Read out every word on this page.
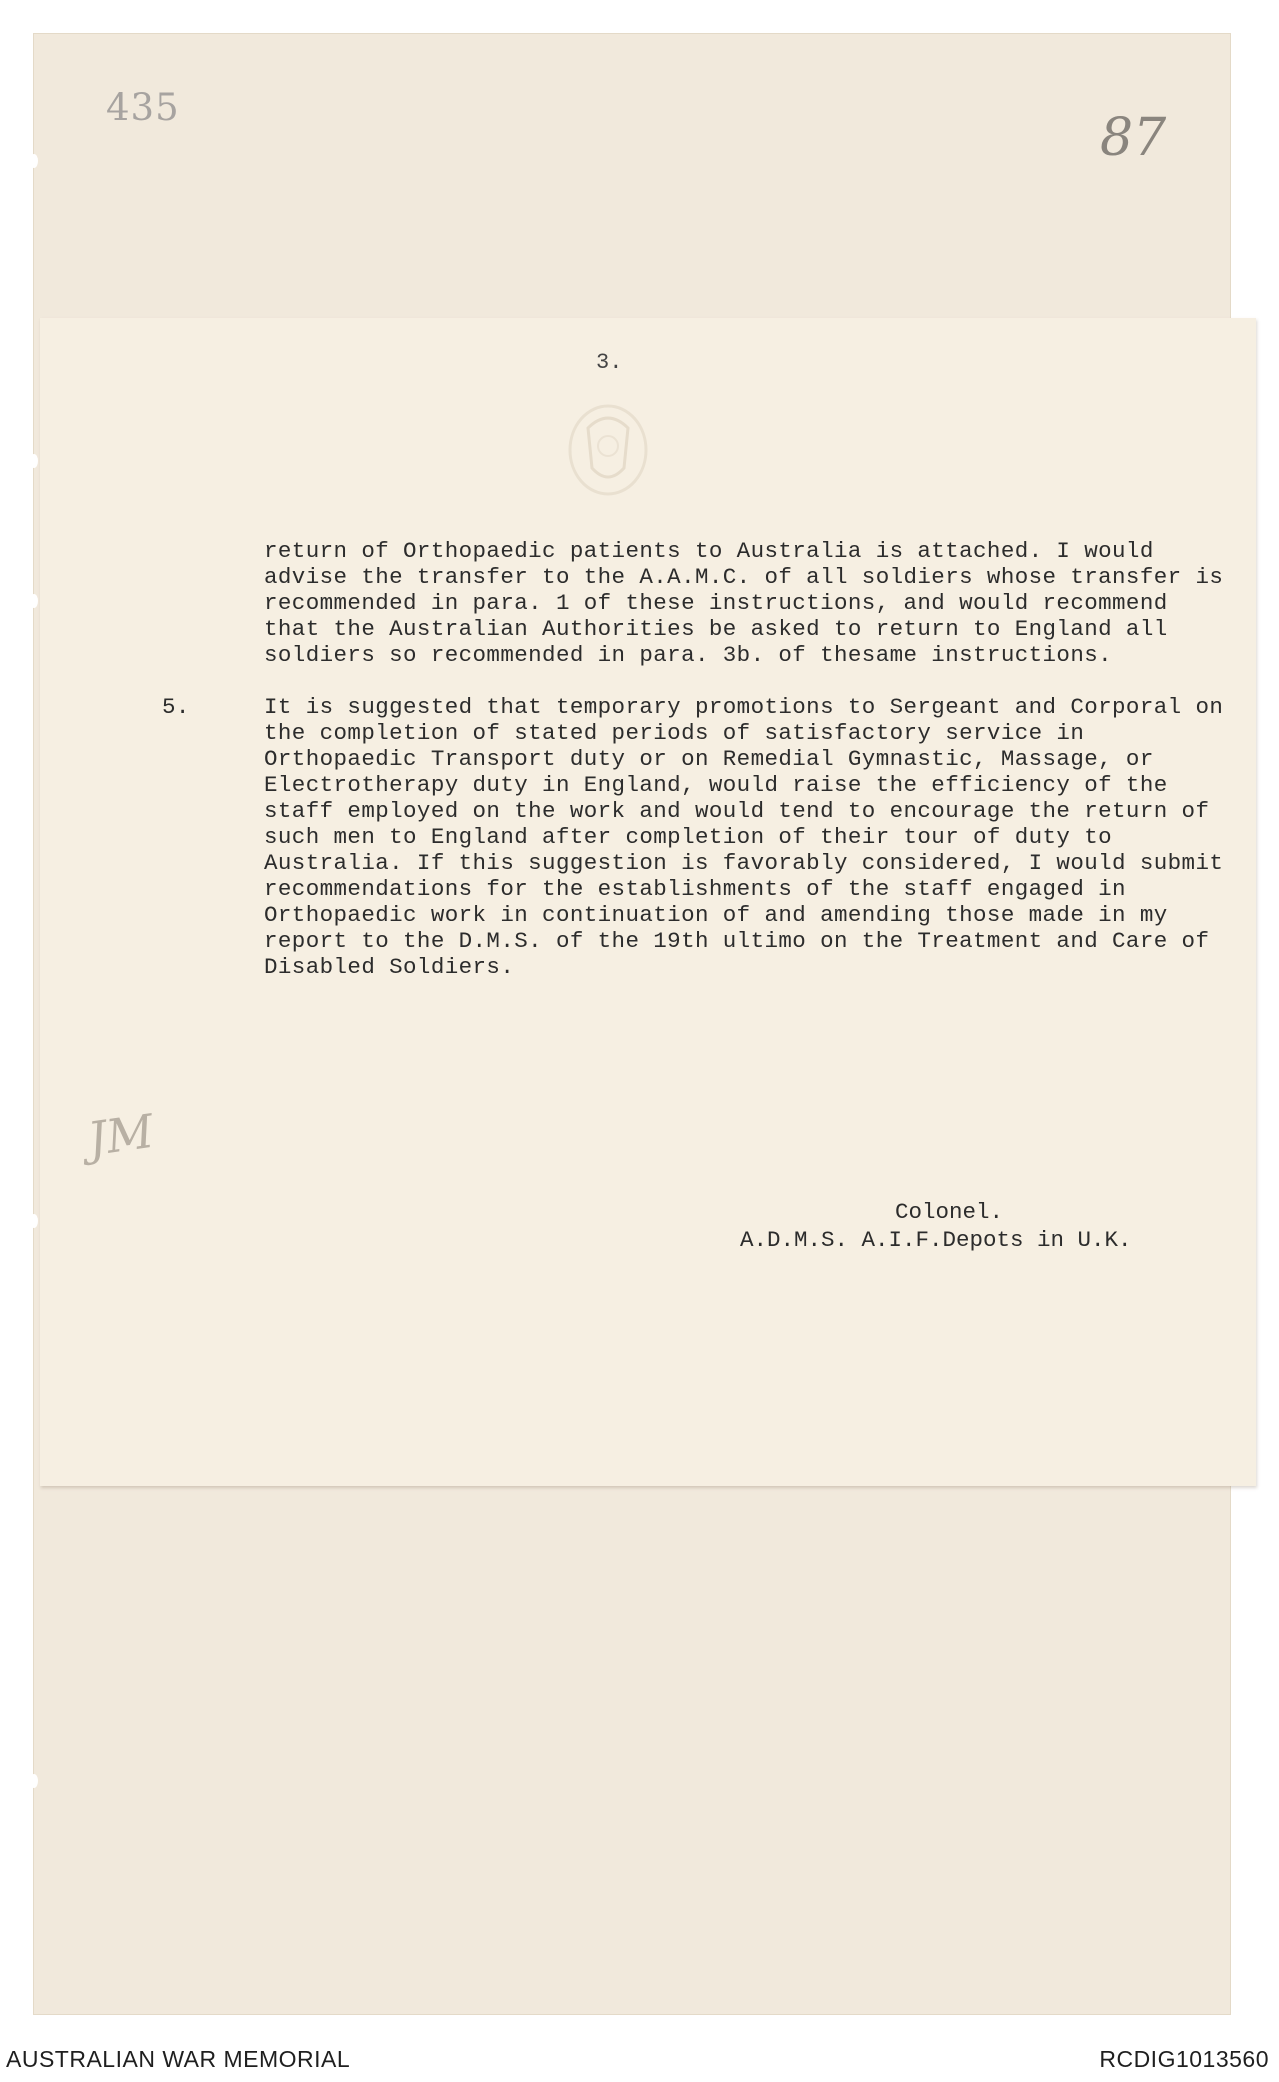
435
87
3.

return of Orthopaedic patients to Australia is attached. I would advise the transfer to the A.A.M.C. of all soldiers whose transfer is recommended in para. 1 of these instructions, and would recommend that the Australian Authorities be asked to return to England all soldiers so recommended in para. 3b. of thesame instructions.

5.	It is suggested that temporary promotions to Sergeant and Corporal on the completion of stated periods of satisfactory service in Orthopaedic Transport duty or on Remedial Gymnastic, Massage, or Electrotherapy duty in England, would raise the efficiency of the staff employed on the work and would tend to encourage the return of such men to England after completion of their tour of duty to Australia. If this suggestion is favorably considered, I would submit recommendations for the establishments of the staff engaged in Orthopaedic work in continuation of and amending those made in my report to the D.M.S. of the 19th ultimo on the Treatment and Care of Disabled Soldiers.
JM
Colonel.
A.D.M.S. A.I.F.Depots in U.K.
AUSTRALIAN WAR MEMORIAL	RCDIG1013560
